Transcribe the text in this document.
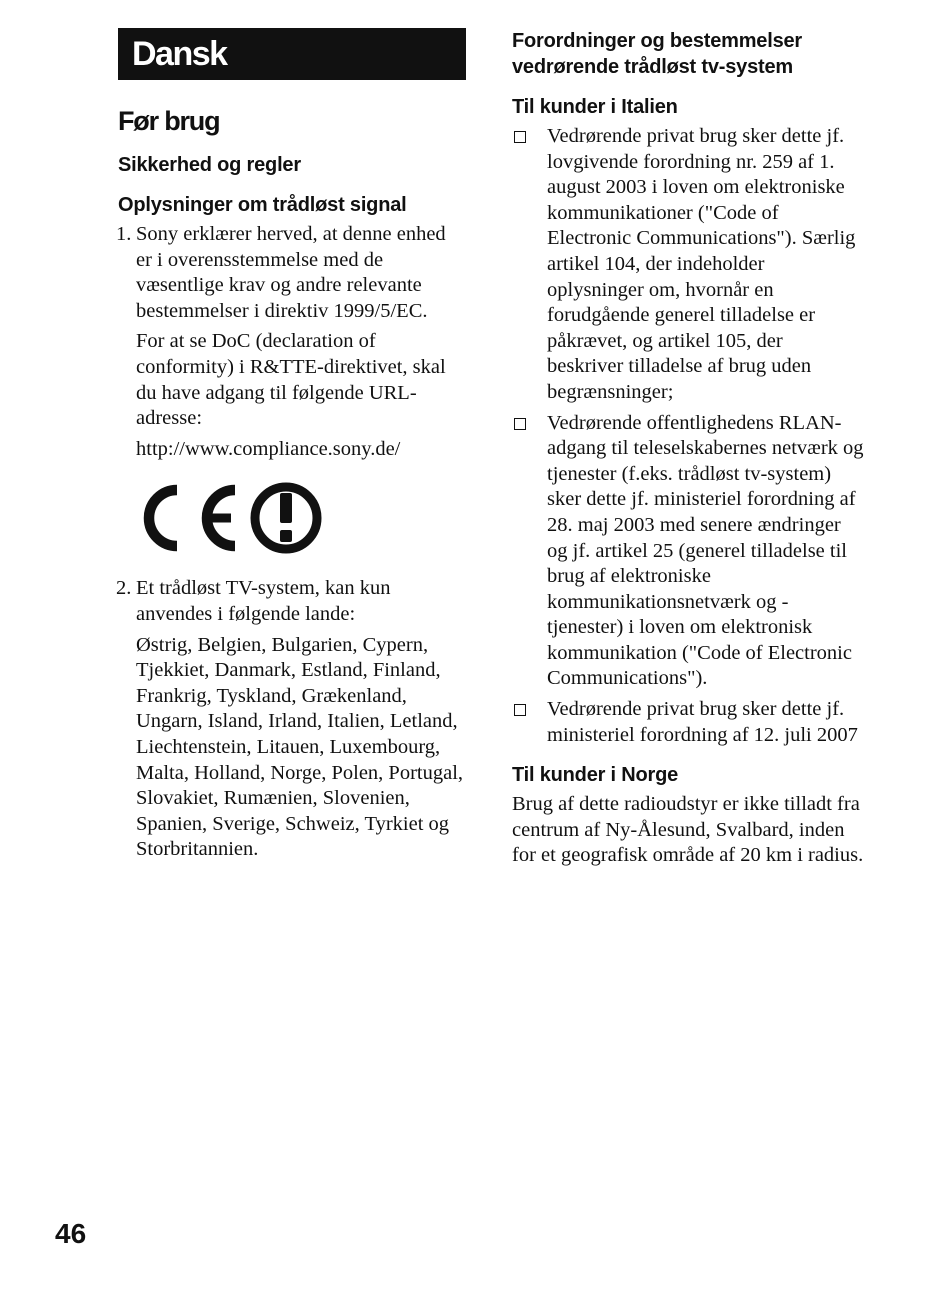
Dansk
Før brug
Sikkerhed og regler
Oplysninger om trådløst signal
1. Sony erklærer herved, at denne enhed er i overensstemmelse med de væsentlige krav og andre relevante bestemmelser i direktiv 1999/5/EC.

For at se DoC (declaration of conformity) i R&TTE-direktivet, skal du have adgang til følgende URL-adresse:

http://www.compliance.sony.de/

2. Et trådløst TV-system, kan kun anvendes i følgende lande:

Østrig, Belgien, Bulgarien, Cypern, Tjekkiet, Danmark, Estland, Finland, Frankrig, Tyskland, Grækenland, Ungarn, Island, Irland, Italien, Letland, Liechtenstein, Litauen, Luxembourg, Malta, Holland, Norge, Polen, Portugal, Slovakiet, Rumænien, Slovenien, Spanien, Sverige, Schweiz, Tyrkiet og Storbritannien.

Forordninger og bestemmelser vedrørende trådløst tv-system
Til kunder i Italien
Vedrørende privat brug sker dette jf. lovgivende forordning nr. 259 af 1. august 2003 i loven om elektroniske kommunikationer ("Code of Electronic Communications"). Særlig artikel 104, der indeholder oplysninger om, hvornår en forudgående generel tilladelse er påkrævet, og artikel 105, der beskriver tilladelse af brug uden begrænsninger;
Vedrørende offentlighedens RLAN-adgang til teleselskabernes netværk og tjenester (f.eks. trådløst tv-system) sker dette jf. ministeriel forordning af 28. maj 2003 med senere ændringer og jf. artikel 25 (generel tilladelse til brug af elektroniske kommunikationsnetværk og -tjenester) i loven om elektronisk kommunikation ("Code of Electronic Communications").
Vedrørende privat brug sker dette jf. ministeriel forordning af 12. juli 2007
Til kunder i Norge

Brug af dette radioudstyr er ikke tilladt fra centrum af Ny-Ålesund, Svalbard, inden for et geografisk område af 20 km i radius.

46
